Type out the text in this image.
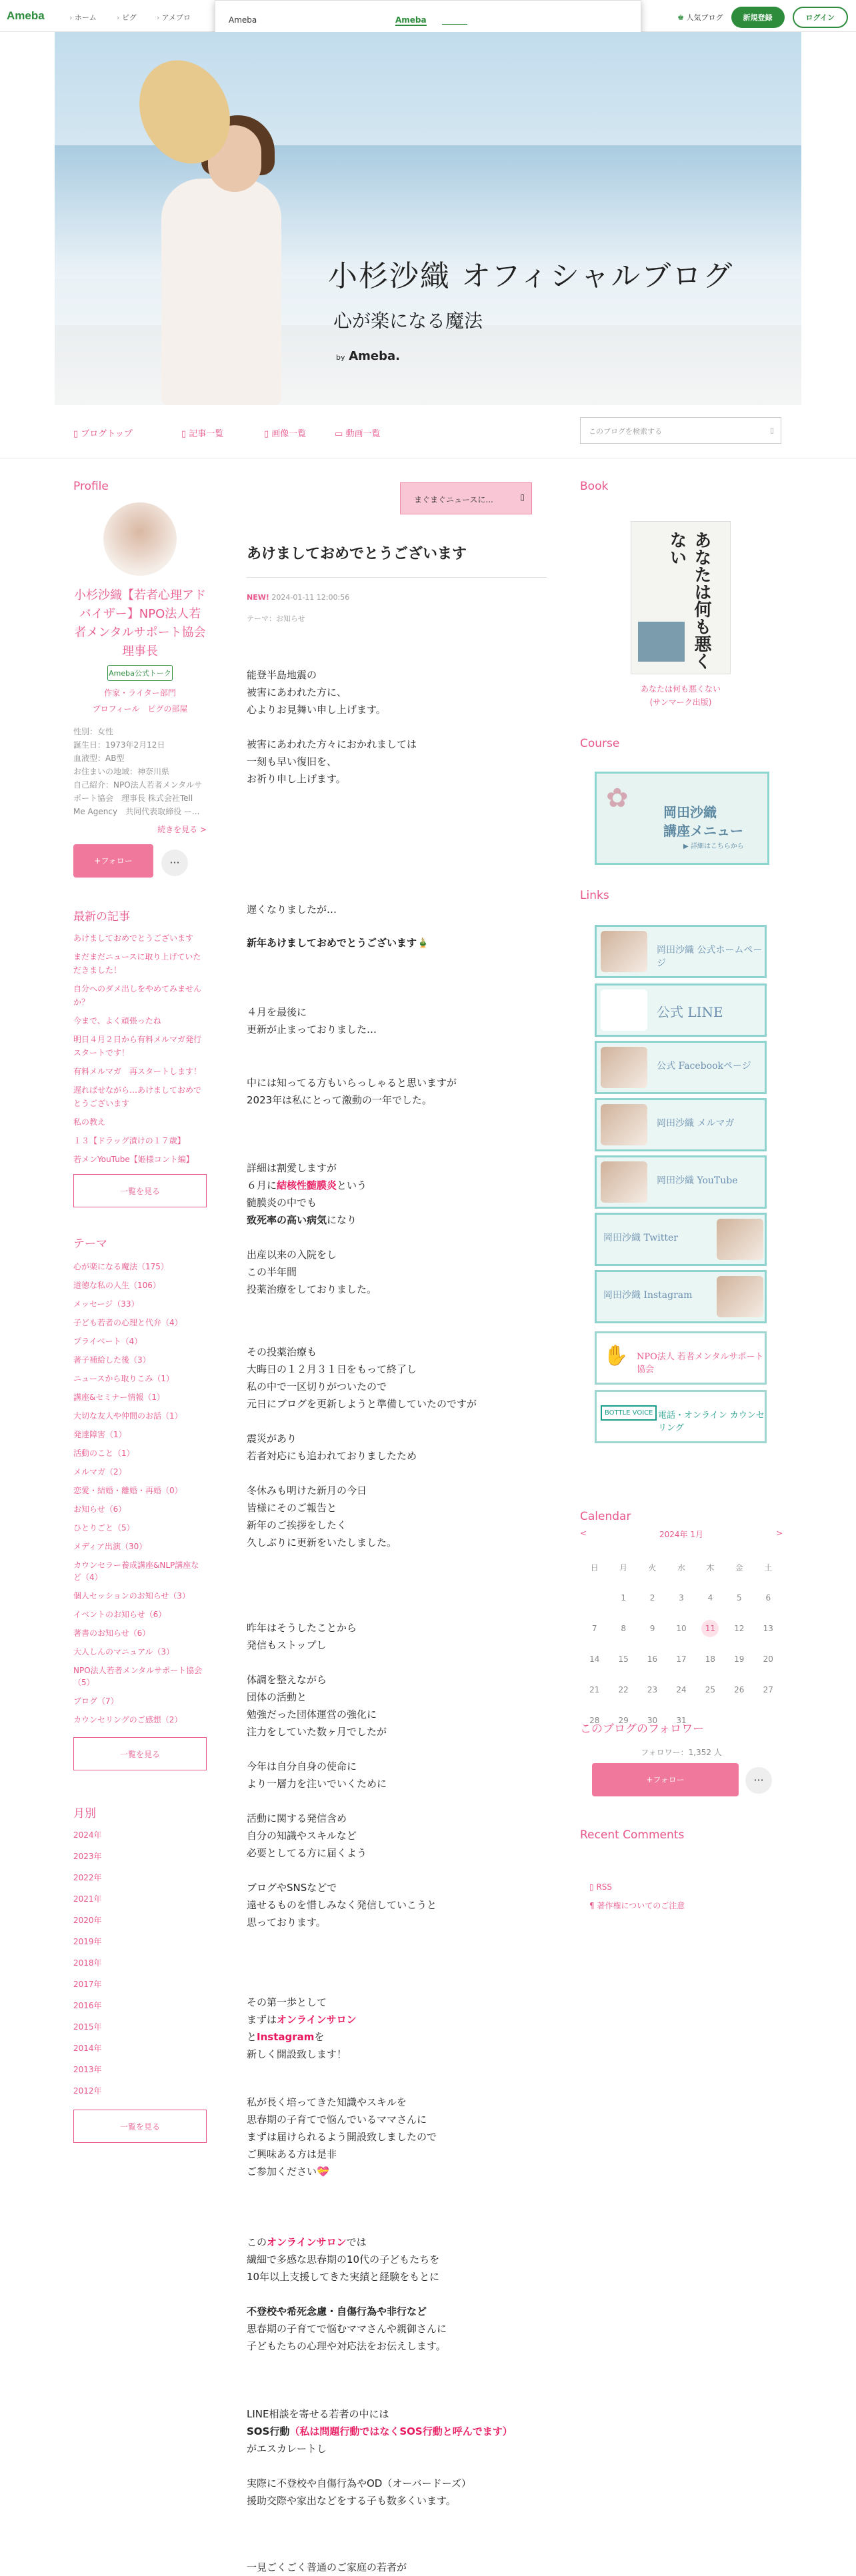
Ameba	› ホーム	› ピグ	› アメブロ	♚ 人気ブログ	新規登録	ログイン
Ameba	Ameba
小杉沙織 オフィシャルブログ
心が楽になる魔法
by Ameba.
▯ ブログトップ	▯ 記事一覧	▯ 画像一覧	▭ 動画一覧	このブログを検索する	▯
Profile
小杉沙織【若者心理アドバイザー】NPO法人若者メンタルサポート協会理事長
Ameba公式トーク
作家・ライター部門
プロフィール　 ピグの部屋
性別：女性
誕生日：1973年2月12日
血液型：AB型
お住まいの地域：神奈川県
自己紹介：NPO法人若者メンタルサポート協会　理事長 株式会社Tell Me Agency　共同代表取締役 ー...
続きを見る >
+フォロー	···
最新の記事
あけましておめでとうございます
まだまだニュースに取り上げていただきました！
自分へのダメ出しをやめてみませんか？
今まで、よく頑張ったね
明日４月２日から有料メルマガ発行スタートです！
有料メルマガ　再スタートします！
遅ればせながら…あけましておめでとうございます
私の教え
１３【ドラッグ漬けの１７歳】
若メンYouTube【姫様コント編】
一覧を見る
テーマ
心が楽になる魔法（175）
道徳な私の人生（106）
メッセージ（33）
子ども若者の心理と代弁（4）
プライベート（4）
著子補給した後（3）
ニュースから取りこみ（1）
講座&セミナー情報（1）
大切な友人や仲間のお話（1）
発達障害（1）
活動のこと（1）
メルマガ（2）
恋愛・結婚・離婚・再婚（0）
お知らせ（6）
ひとりごと（5）
メディア出演（30）
カウンセラー養成講座&NLP講座など（4）
個人セッションのお知らせ（3）
イベントのお知らせ（6）
著書のお知らせ（6）
大人しんのマニュアル（3）
NPO法人若者メンタルサポート協会（5）
ブログ（7）
カウンセリングのご感想（2）
一覧を見る
月別
2024年
2023年
2022年
2021年
2020年
2019年
2018年
2017年
2016年
2015年
2014年
2013年
2012年
一覧を見る
まぐまぐニュースに...	▯
あけましておめでとうございます
NEW! 2024-01-11 12:00:56
テーマ：お知らせ
能登半島地震の
被害にあわれた方に、
心よりお見舞い申し上げます。

被害にあわれた方々におかれましては
一刻も早い復旧を、
お祈り申し上げます。
遅くなりましたが…
新年あけましておめでとうございます🎍
４月を最後に
更新が止まっておりました…
中には知ってる方もいらっしゃると思いますが
2023年は私にとって激動の一年でした。
詳細は割愛しますが
６月に結核性髄膜炎という
髄膜炎の中でも
致死率の高い病気になり

出産以来の入院をし
この半年間
投薬治療をしておりました。
その投薬治療も
大晦日の１２月３１日をもって終了し
私の中で一区切りがついたので
元日にブログを更新しようと準備していたのですが

震災があり
若者対応にも追われておりましたため

冬休みも明けた新月の今日
皆様にそのご報告と
新年のご挨拶をしたく
久しぶりに更新をいたしました。
昨年はそうしたことから
発信もストップし

体調を整えながら
団体の活動と
勉強だった団体運営の強化に
注力をしていた数ヶ月でしたが

今年は自分自身の使命に
より一層力を注いでいくために

活動に関する発信含め
自分の知識やスキルなど
必要としてる方に届くよう

ブログやSNSなどで
遠せるものを惜しみなく発信していこうと
思っております。
その第一歩として
まずはオンラインサロン
とInstagramを
新しく開設致します！
私が長く培ってきた知識やスキルを
思春期の子育てで悩んでいるママさんに
まずは届けられるよう開設致しましたので
ご興味ある方は是非
ご参加ください💝
このオンラインサロンでは
繊細で多感な思春期の10代の子どもたちを
10年以上支援してきた実績と経験をもとに

不登校や希死念慮・自傷行為や非行など
思春期の子育てで悩むママさんや親御さんに
子どもたちの心理や対応法をお伝えします。
LINE相談を寄せる若者の中には
SOS行動（私は問題行動ではなくSOS行動と呼んでます）
がエスカレートし

実際に不登校や自傷行為やOD（オーバードーズ）
援助交際や家出などをする子も数多くいます。
一見ごくごく普通のご家庭の若者が
Book
あなたは何も悪くない
あなたは何も悪くない
(サンマーク出版)
Course
✿	岡田沙織
講座メニュー
▶ 詳細はこちらから
Links
岡田沙織 公式ホームページ
公式 LINE
公式 Facebookページ
岡田沙織 メルマガ
岡田沙織 YouTube
岡田沙織 Twitter
岡田沙織 Instagram
✋ NPO法人 若者メンタルサポート協会
BOTTLE VOICE 電話・オンライン カウンセリング
Calendar
<	2024年 1月	>
日	月	火	水	木	金	土
	1	2	3	4	5	6
7	8	9	10	11	12	13
14	15	16	17	18	19	20
21	22	23	24	25	26	27
28	29	30	31			
このブログのフォロワー
フォロワー：1,352 人
+フォロー	···
Recent Comments
▯ RSS
¶ 著作権についてのご注意
